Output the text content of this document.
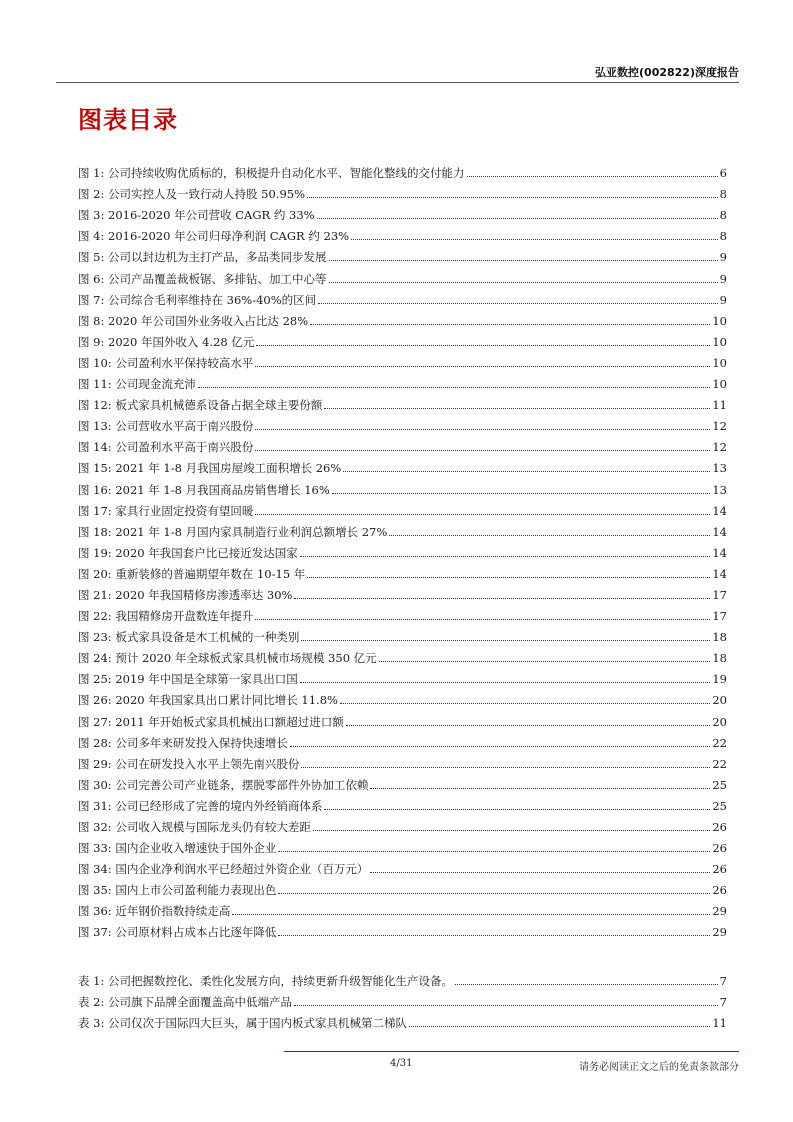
弘亚数控(002822)深度报告
图表目录
图 1:
公司持续收购优质标的，积极提升自动化水平、智能化整线的交付能力	6
图 2:
公司实控人及一致行动人持股 50.95%	8
图 3:
2016-2020 年公司营收 CAGR 约 33%	8
图 4:
2016-2020 年公司归母净利润 CAGR 约 23%	8
图 5:
公司以封边机为主打产品，多品类同步发展	9
图 6:
公司产品覆盖裁板锯、多排钻、加工中心等	9
图 7:
公司综合毛利率维持在 36%-40%的区间	9
图 8:
2020 年公司国外业务收入占比达 28%	10
图 9:
2020 年国外收入 4.28 亿元	10
图 10:
公司盈利水平保持较高水平	10
图 11:
公司现金流充沛	10
图 12:
板式家具机械德系设备占据全球主要份额	11
图 13:
公司营收水平高于南兴股份	12
图 14:
公司盈利水平高于南兴股份	12
图 15:
2021 年 1-8 月我国房屋竣工面积增长 26%	13
图 16:
2021 年 1-8 月我国商品房销售增长 16%	13
图 17:
家具行业固定投资有望回暖	14
图 18:
2021 年 1-8 月国内家具制造行业利润总额增长 27%	14
图 19:
2020 年我国套户比已接近发达国家	14
图 20:
重新装修的普遍期望年数在 10-15 年	14
图 21:
2020 年我国精修房渗透率达 30%	17
图 22:
我国精修房开盘数连年提升	17
图 23:
板式家具设备是木工机械的一种类别	18
图 24:
预计 2020 年全球板式家具机械市场规模 350 亿元	18
图 25:
2019 年中国是全球第一家具出口国	19
图 26:
2020 年我国家具出口累计同比增长 11.8%	20
图 27:
2011 年开始板式家具机械出口额超过进口额	20
图 28:
公司多年来研发投入保持快速增长	22
图 29:
公司在研发投入水平上领先南兴股份	22
图 30:
公司完善公司产业链条，摆脱零部件外协加工依赖	25
图 31:
公司已经形成了完善的境内外经销商体系	25
图 32:
公司收入规模与国际龙头仍有较大差距	26
图 33:
国内企业收入增速快于国外企业	26
图 34:
国内企业净利润水平已经超过外资企业（百万元）	26
图 35:
国内上市公司盈利能力表现出色	26
图 36:
近年钢价指数持续走高	29
图 37:
公司原材料占成本占比逐年降低	29
表 1:
公司把握数控化、柔性化发展方向，持续更新升级智能化生产设备。	7
表 2:
公司旗下品牌全面覆盖高中低端产品	7
表 3:
公司仅次于国际四大巨头，属于国内板式家具机械第二梯队	11
4/31	请务必阅读正文之后的免责条款部分
